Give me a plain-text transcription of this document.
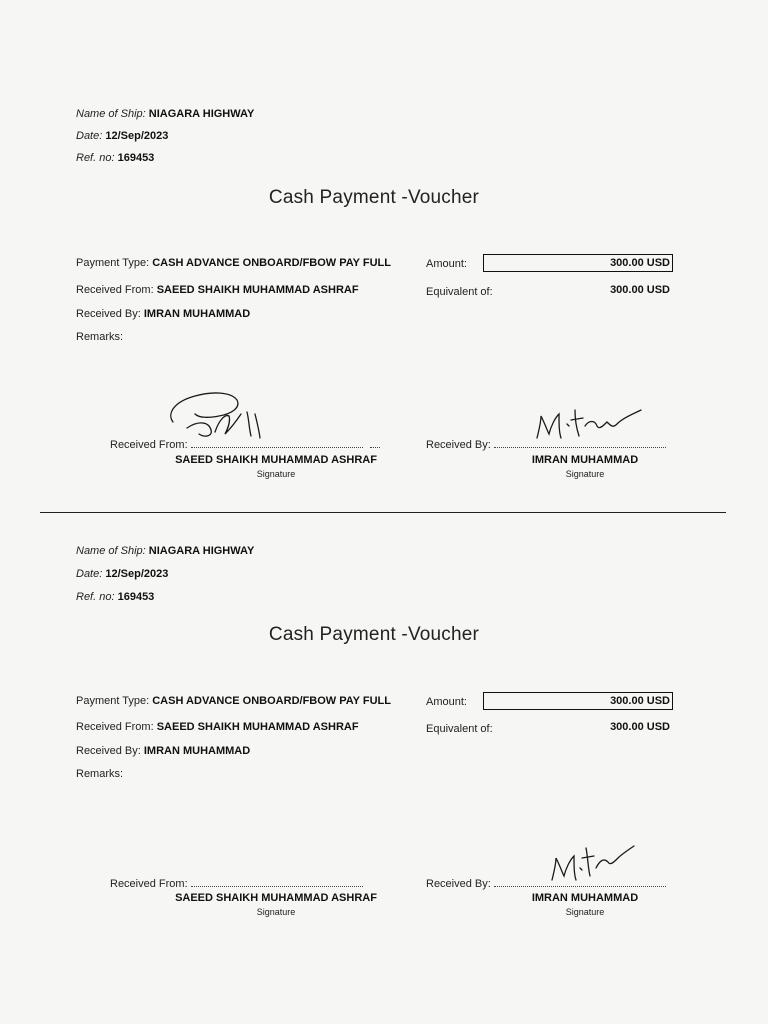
Name of Ship: NIAGARA HIGHWAY
Date: 12/Sep/2023
Ref. no: 169453
Cash Payment -Voucher
Payment Type: CASH ADVANCE ONBOARD/FBOW PAY FULL
Received From: SAEED SHAIKH MUHAMMAD ASHRAF
Received By: IMRAN MUHAMMAD
Remarks:
Amount:	300.00 USD
Equivalent of:	300.00 USD
Received From:
SAEED SHAIKH MUHAMMAD ASHRAF
Signature
Received By:
IMRAN MUHAMMAD
Signature
Name of Ship: NIAGARA HIGHWAY
Date: 12/Sep/2023
Ref. no: 169453
Cash Payment -Voucher
Payment Type: CASH ADVANCE ONBOARD/FBOW PAY FULL
Received From: SAEED SHAIKH MUHAMMAD ASHRAF
Received By: IMRAN MUHAMMAD
Remarks:
Amount:	300.00 USD
Equivalent of:	300.00 USD
Received From:
SAEED SHAIKH MUHAMMAD ASHRAF
Signature
Received By:
IMRAN MUHAMMAD
Signature
